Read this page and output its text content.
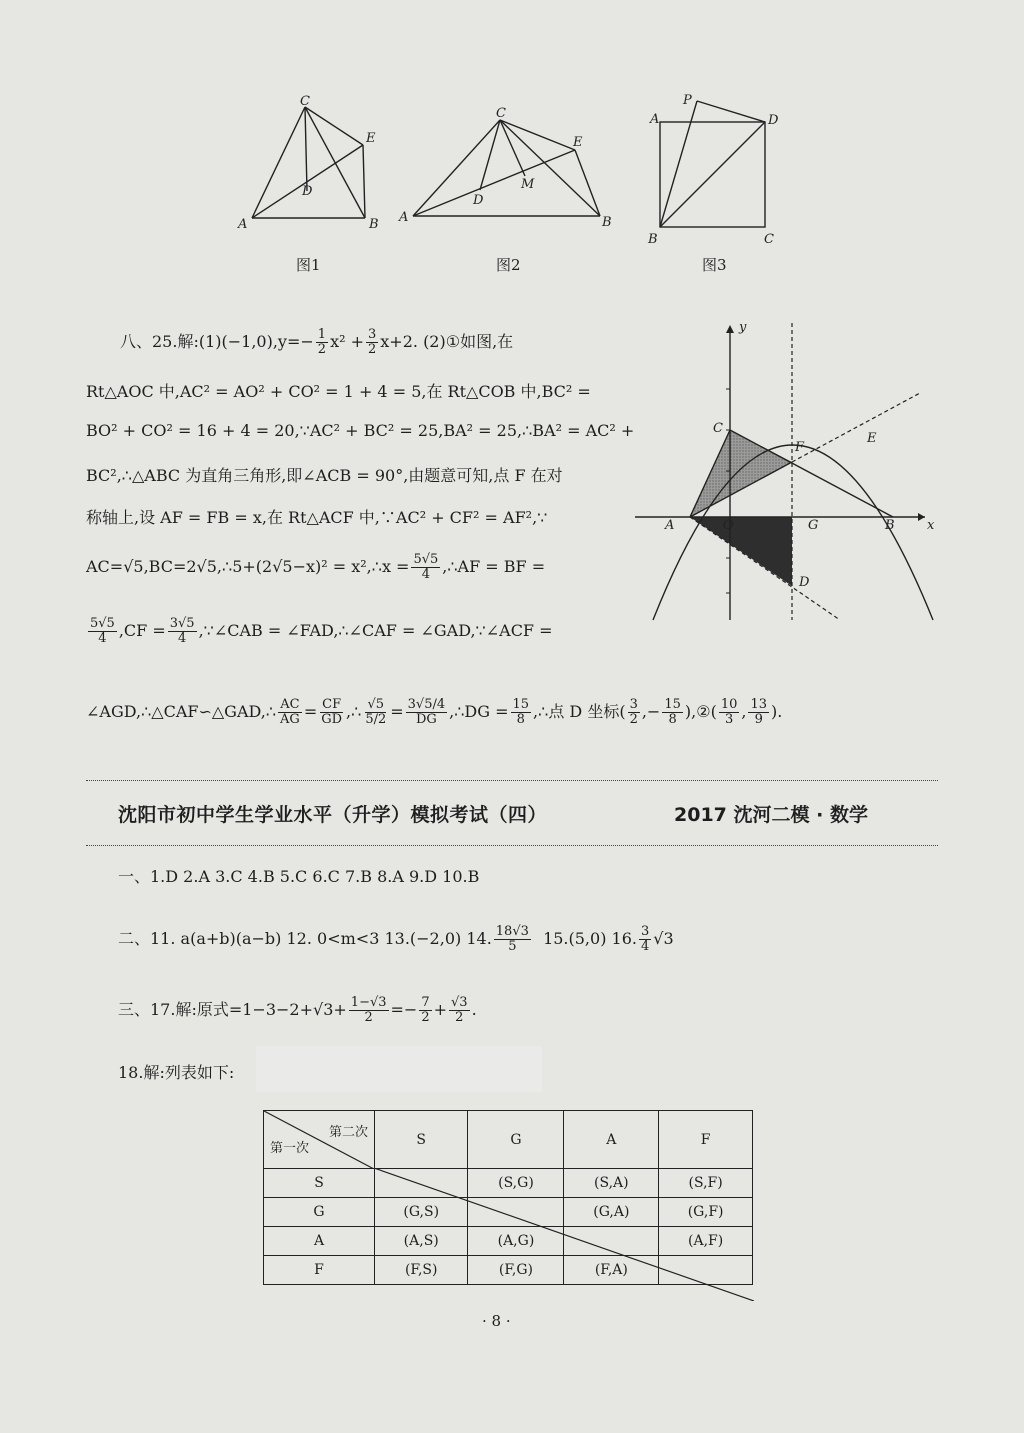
C
E
D
A	B
图1
C
E
M
D
A	B
图2
P
A	D
B	C
图3
八、25.解:(1)(−1,0),y=− $\frac{1}{2} x^2 + \frac{3}{2} x+2$. (2)①如图,在
Rt△AOC 中,AC² = AO² + CO² = 1 + 4 = 5,在 Rt△COB 中,BC² =
BO² + CO² = 16 + 4 = 20,∵AC² + BC² = 25,BA² = 25,∴BA² = AC² +
BC²,∴△ABC 为直角三角形,即∠ACB = 90°,由题意可知,点 F 在对
称轴上,设 AF = FB = x,在 Rt△ACF 中,∵AC² + CF² = AF²,∵
AC=√5,BC=2√5,∴5+(2√5−x)² = x²,∴x = $\frac{5√5}{4}$ ,∴AF = BF =
$\frac{5√5}{4} ,CF = \frac{3√5}{4}$ ,∵∠CAB = ∠FAD,∴∠CAF = ∠GAD,∵∠ACF =
∠AGD,∴△CAF∽△GAD,∴ $\frac{AC}{AG} = \frac{CF}{GD}$ ,∴ $\frac{√5}{5/2} = \frac{3√5/4}{DG}$ ,∴DG = $\frac{15}{8}$ ,∴点 D 坐标( $\frac{3}{2}$ ,− $\frac{15}{8}$ ),②( $\frac{10}{3}$ , $\frac{13}{9}$ ).
y
x
C
F
E
A	O	G	B
D
沈阳市初中学生学业水平（升学）模拟考试（四）	2017 沈河二模 · 数学
一、1.D 2.A 3.C 4.B 5.C 6.C 7.B 8.A 9.D 10.B
二、11. a(a+b)(a−b) 12. 0<m<3 13.(−2,0) 14. $\frac{18√3}{5} 15.(5,0)$ 16. $\frac{3}{4} √3$
三、17.解:原式$=1-3-2+√3+ \frac{1-√3}{2} =- \frac{7}{2} + \frac{√3}{2}$ .
18.解:列表如下:
第二次
第一次	S	G	A	F
S		(S,G)	(S,A)	(S,F)
G	(G,S)		(G,A)	(G,F)
A	(A,S)	(A,G)		(A,F)
F	(F,S)	(F,G)	(F,A)	
· 8 ·
